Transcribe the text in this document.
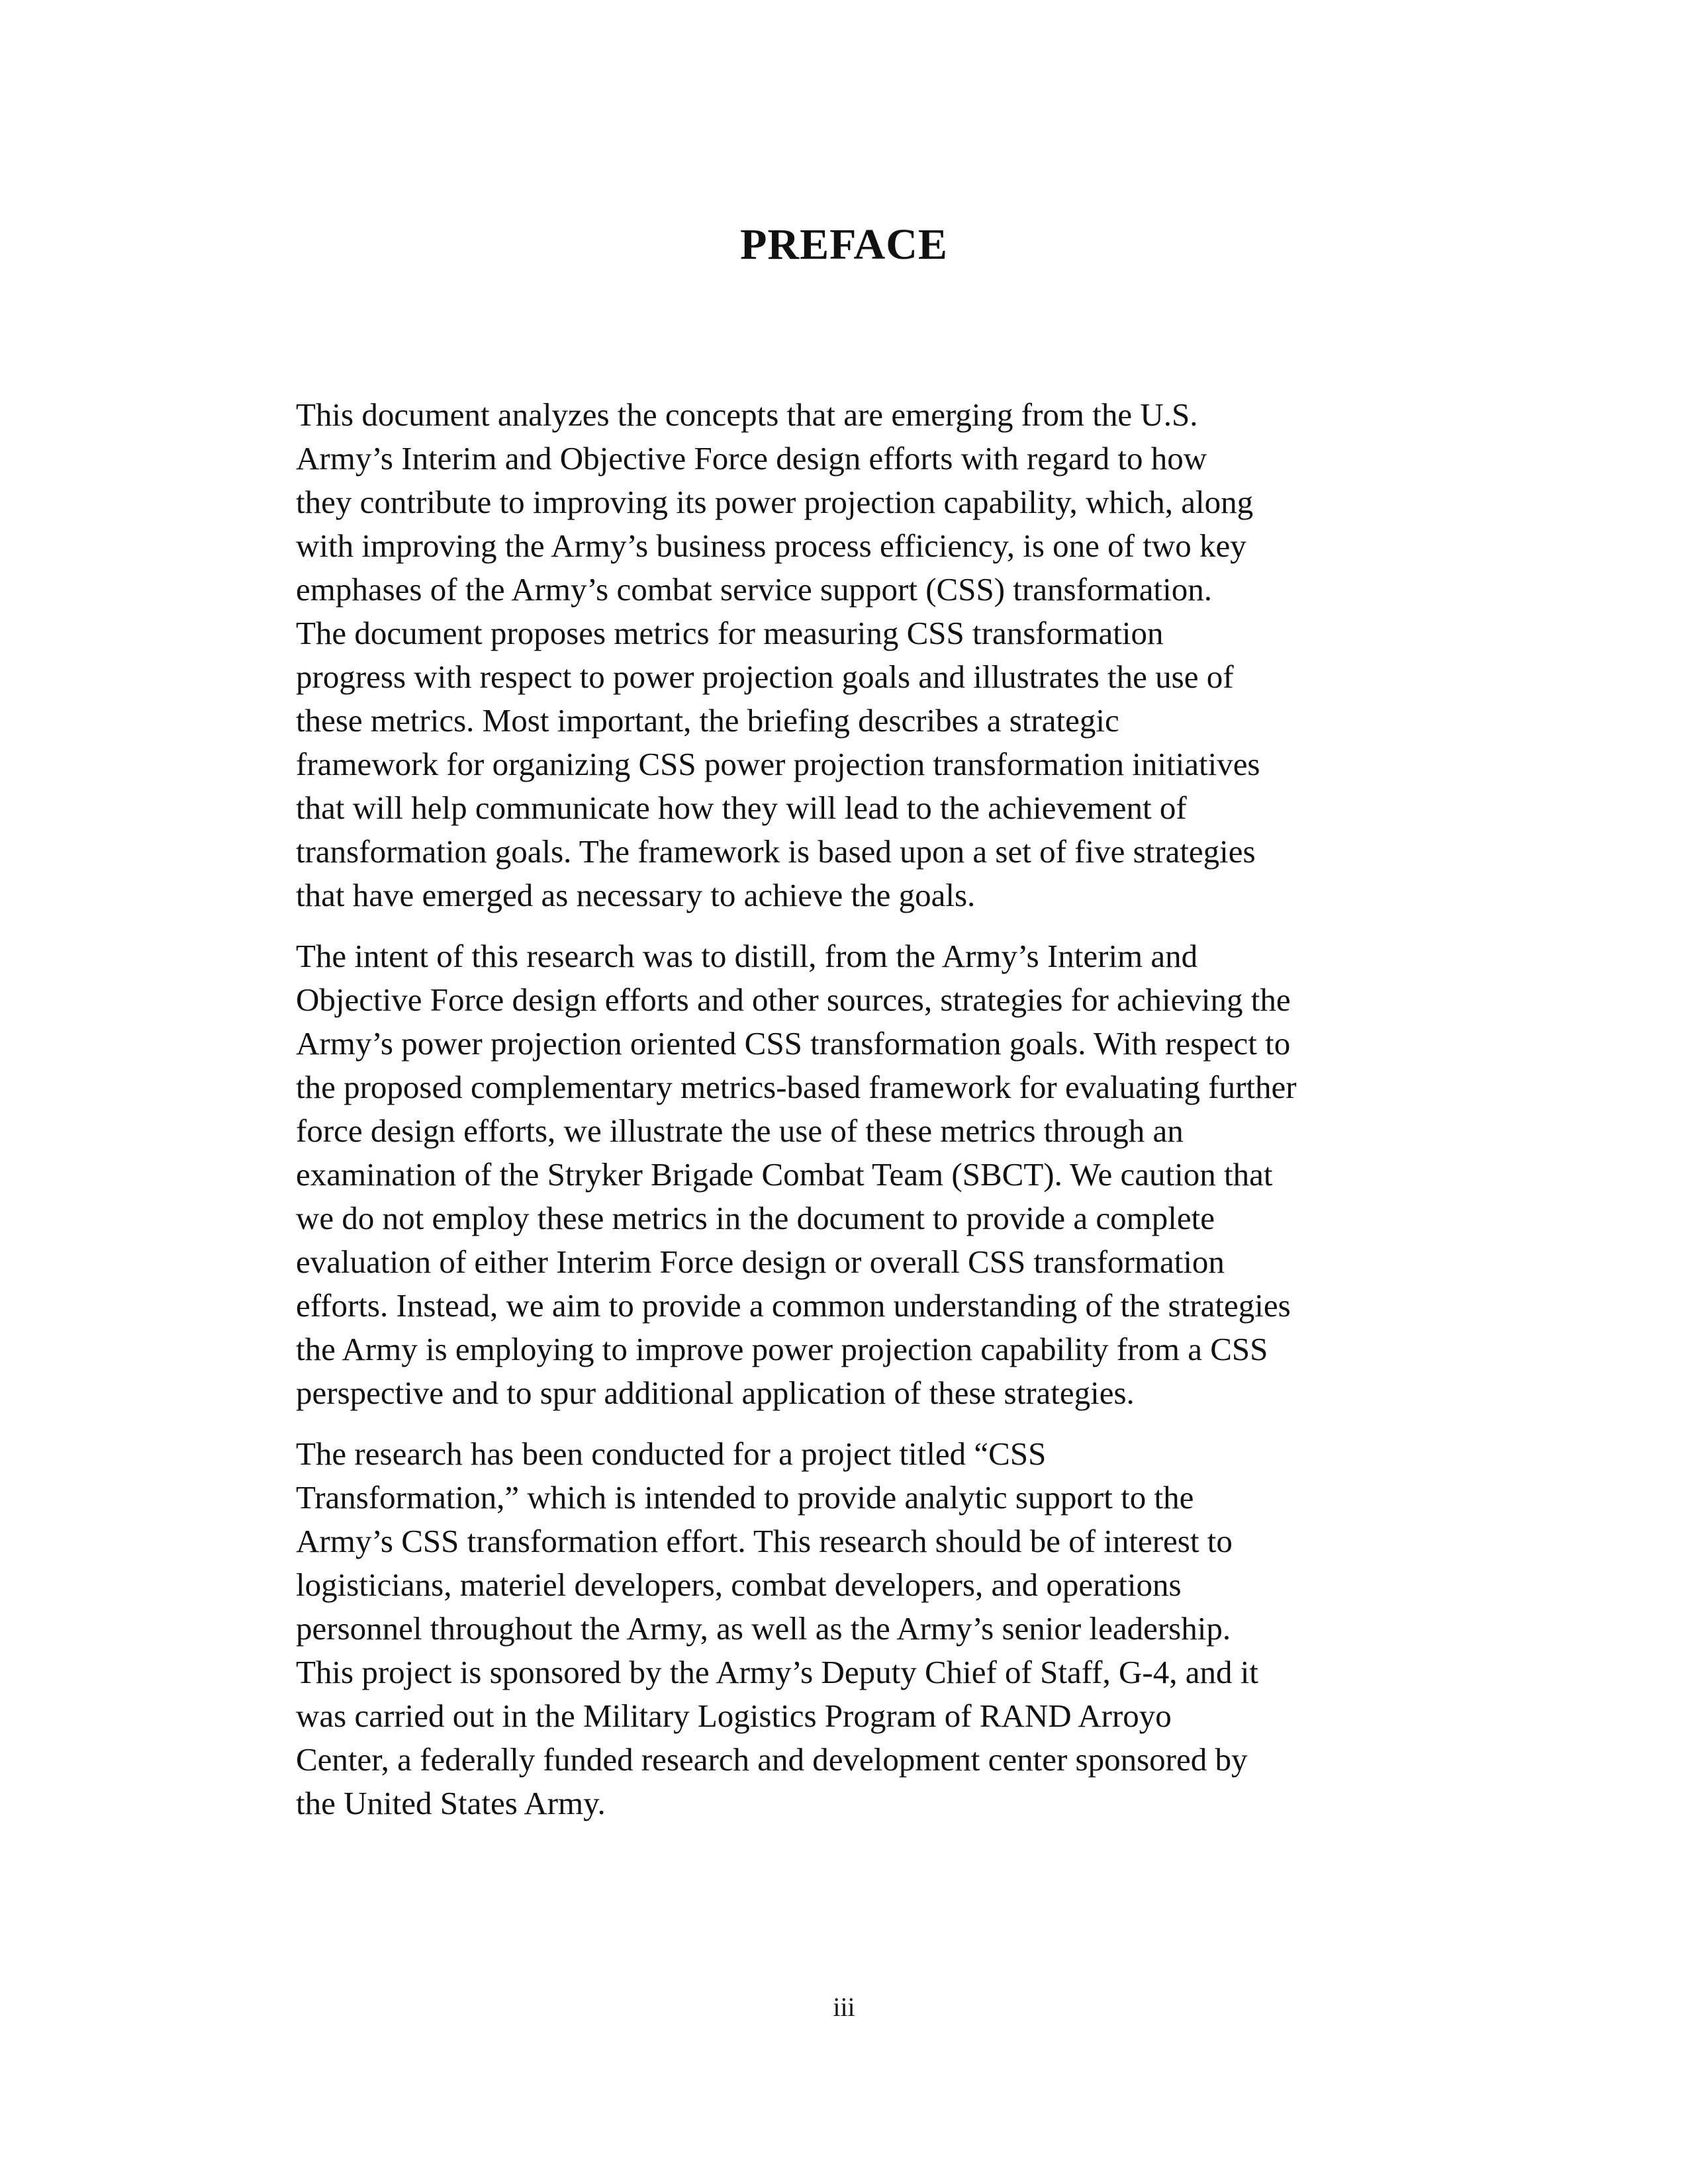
PREFACE

This document analyzes the concepts that are emerging from the U.S.
Army’s Interim and Objective Force design efforts with regard to how
they contribute to improving its power projection capability, which, along
with improving the Army’s business process efficiency, is one of two key
emphases of the Army’s combat service support (CSS) transformation.
The document proposes metrics for measuring CSS transformation
progress with respect to power projection goals and illustrates the use of
these metrics. Most important, the briefing describes a strategic
framework for organizing CSS power projection transformation initiatives
that will help communicate how they will lead to the achievement of
transformation goals. The framework is based upon a set of five strategies
that have emerged as necessary to achieve the goals.

The intent of this research was to distill, from the Army’s Interim and
Objective Force design efforts and other sources, strategies for achieving the
Army’s power projection oriented CSS transformation goals. With respect to
the proposed complementary metrics-based framework for evaluating further
force design efforts, we illustrate the use of these metrics through an
examination of the Stryker Brigade Combat Team (SBCT). We caution that
we do not employ these metrics in the document to provide a complete
evaluation of either Interim Force design or overall CSS transformation
efforts. Instead, we aim to provide a common understanding of the strategies
the Army is employing to improve power projection capability from a CSS
perspective and to spur additional application of these strategies.

The research has been conducted for a project titled “CSS
Transformation,” which is intended to provide analytic support to the
Army’s CSS transformation effort. This research should be of interest to
logisticians, materiel developers, combat developers, and operations
personnel throughout the Army, as well as the Army’s senior leadership.
This project is sponsored by the Army’s Deputy Chief of Staff, G-4, and it
was carried out in the Military Logistics Program of RAND Arroyo
Center, a federally funded research and development center sponsored by
the United States Army.

iii
